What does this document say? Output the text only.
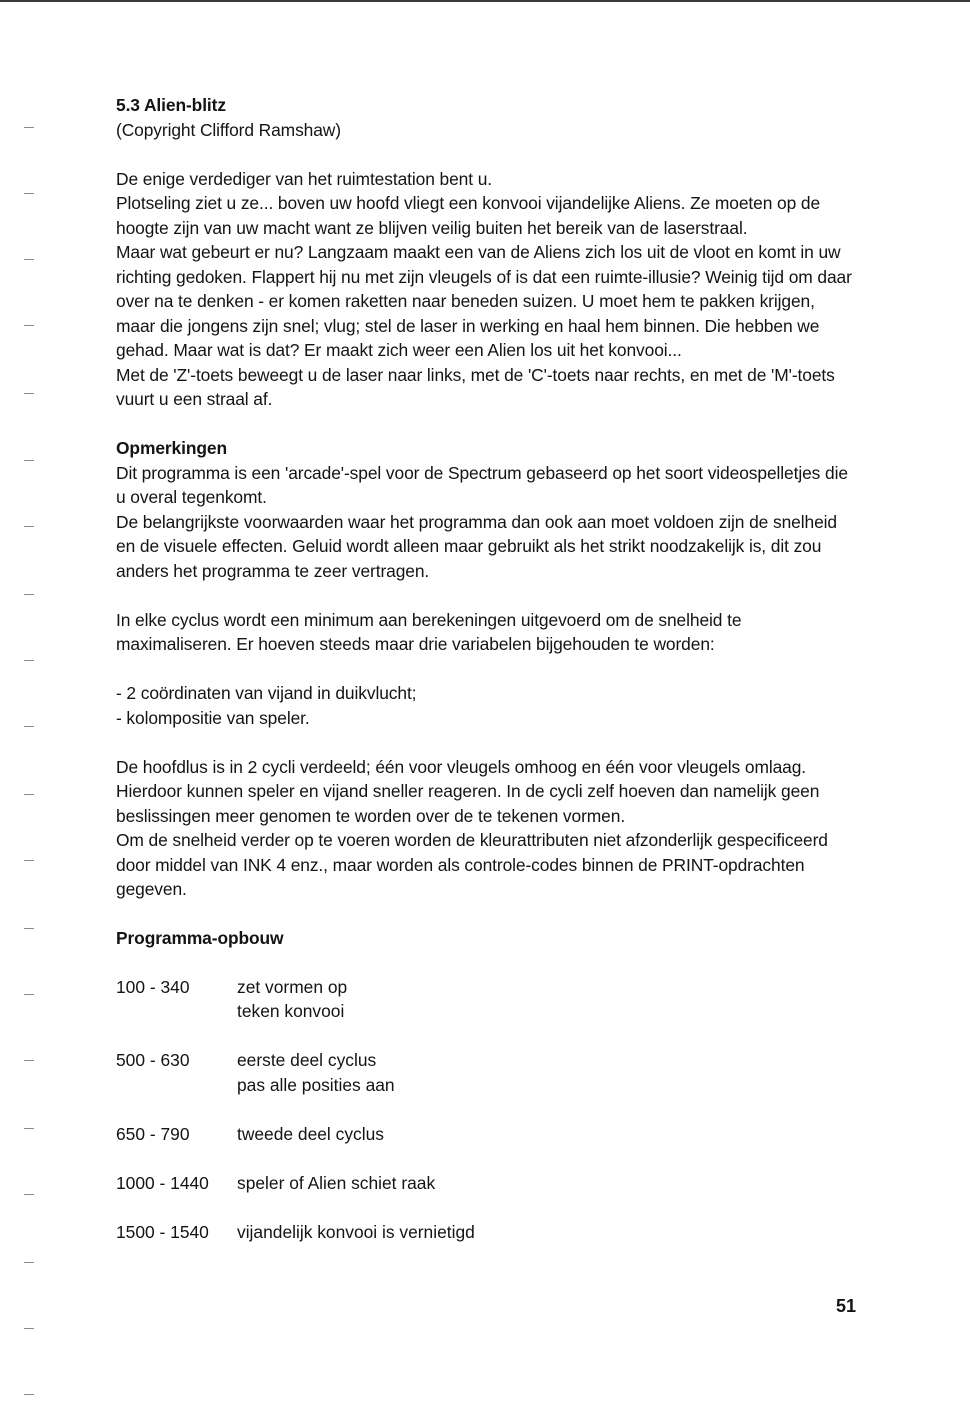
5.3 Alien-blitz

(Copyright Clifford Ramshaw)

De enige verdediger van het ruimtestation bent u.

Plotseling ziet u ze... boven uw hoofd vliegt een konvooi vijandelijke Aliens. Ze moeten op de hoogte zijn van uw macht want ze blijven veilig buiten het bereik van de laserstraal.

Maar wat gebeurt er nu? Langzaam maakt een van de Aliens zich los uit de vloot en komt in uw richting gedoken. Flappert hij nu met zijn vleugels of is dat een ruimte-illusie? Weinig tijd om daar over na te denken - er komen raketten naar beneden suizen. U moet hem te pakken krijgen, maar die jongens zijn snel; vlug; stel de laser in werking en haal hem binnen. Die hebben we gehad. Maar wat is dat? Er maakt zich weer een Alien los uit het konvooi...

Met de 'Z'-toets beweegt u de laser naar links, met de 'C'-toets naar rechts, en met de 'M'-toets vuurt u een straal af.

Opmerkingen

Dit programma is een 'arcade'-spel voor de Spectrum gebaseerd op het soort videospelletjes die u overal tegenkomt.

De belangrijkste voorwaarden waar het programma dan ook aan moet voldoen zijn de snelheid en de visuele effecten. Geluid wordt alleen maar gebruikt als het strikt noodzakelijk is, dit zou anders het programma te zeer vertragen.

In elke cyclus wordt een minimum aan berekeningen uitgevoerd om de snelheid te maximaliseren. Er hoeven steeds maar drie variabelen bijgehouden te worden:

- 2 coördinaten van vijand in duikvlucht;

- kolompositie van speler.

De hoofdlus is in 2 cycli verdeeld; één voor vleugels omhoog en één voor vleugels omlaag. Hierdoor kunnen speler en vijand sneller reageren. In de cycli zelf hoeven dan namelijk geen beslissingen meer genomen te worden over de te tekenen vormen.

Om de snelheid verder op te voeren worden de kleurattributen niet afzonderlijk gespecificeerd door middel van INK 4 enz., maar worden als controle-codes binnen de PRINT-opdrachten gegeven.

Programma-opbouw
100 - 340	zet vormen op
teken konvooi
500 - 630	eerste deel cyclus
pas alle posities aan
650 - 790	tweede deel cyclus
1000 - 1440	speler of Alien schiet raak
1500 - 1540	vijandelijk konvooi is vernietigd
51
